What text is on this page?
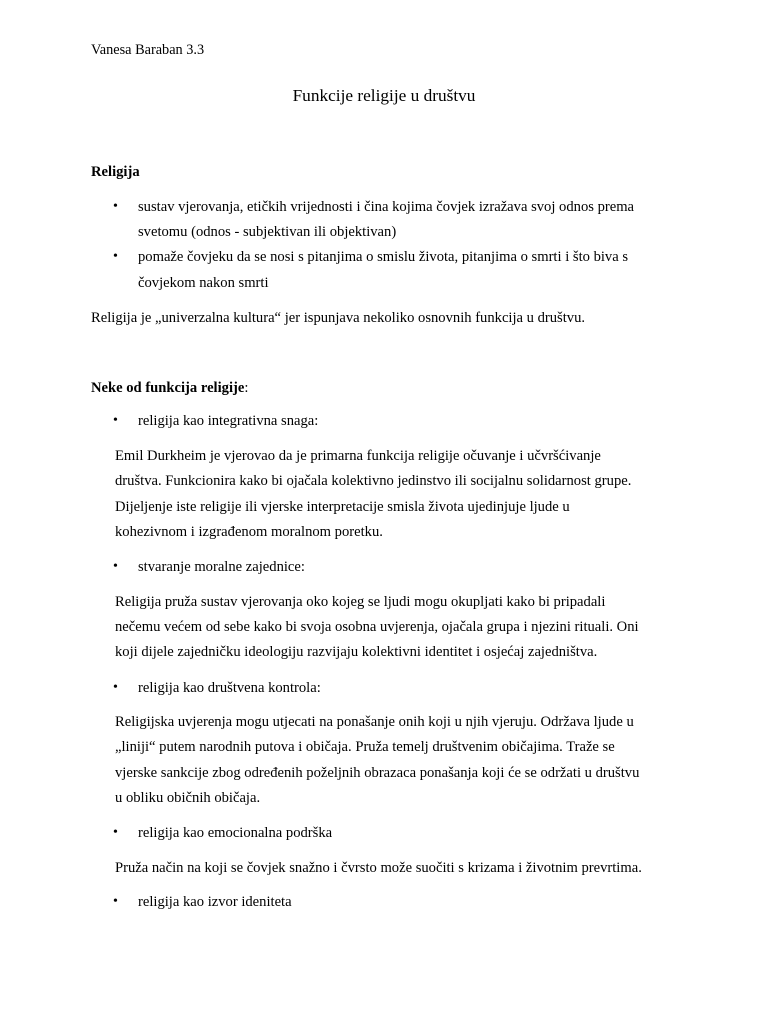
Vanesa Baraban 3.3
Funkcije religije u društvu
Religija
• sustav vjerovanja, etičkih vrijednosti i čina kojima čovjek izražava svoj odnos prema
svetomu (odnos - subjektivan ili objektivan)
• pomaže čovjeku da se nosi s pitanjima o smislu života, pitanjima o smrti i što biva s
čovjekom nakon smrti
Religija je „univerzalna kultura“ jer ispunjava nekoliko osnovnih funkcija u društvu.
Neke od funkcija religije:
• religija kao integrativna snaga:
Emil Durkheim je vjerovao da je primarna funkcija religije očuvanje i učvršćivanje
društva. Funkcionira kako bi ojačala kolektivno jedinstvo ili socijalnu solidarnost grupe.
Dijeljenje iste religije ili vjerske interpretacije smisla života ujedinjuje ljude u
kohezivnom i izgrađenom moralnom poretku.
• stvaranje moralne zajednice:
Religija pruža sustav vjerovanja oko kojeg se ljudi mogu okupljati kako bi pripadali
nečemu većem od sebe kako bi svoja osobna uvjerenja, ojačala grupa i njezini rituali. Oni
koji dijele zajedničku ideologiju razvijaju kolektivni identitet i osjećaj zajedništva.
• religija kao društvena kontrola:
Religijska uvjerenja mogu utjecati na ponašanje onih koji u njih vjeruju. Održava ljude u
„liniji“ putem narodnih putova i običaja. Pruža temelj društvenim običajima. Traže se
vjerske sankcije zbog određenih poželjnih obrazaca ponašanja koji će se održati u društvu
u obliku običnih običaja.
• religija kao emocionalna podrška
Pruža način na koji se čovjek snažno i čvrsto može suočiti s krizama i životnim prevrtima.
• religija kao izvor ideniteta
